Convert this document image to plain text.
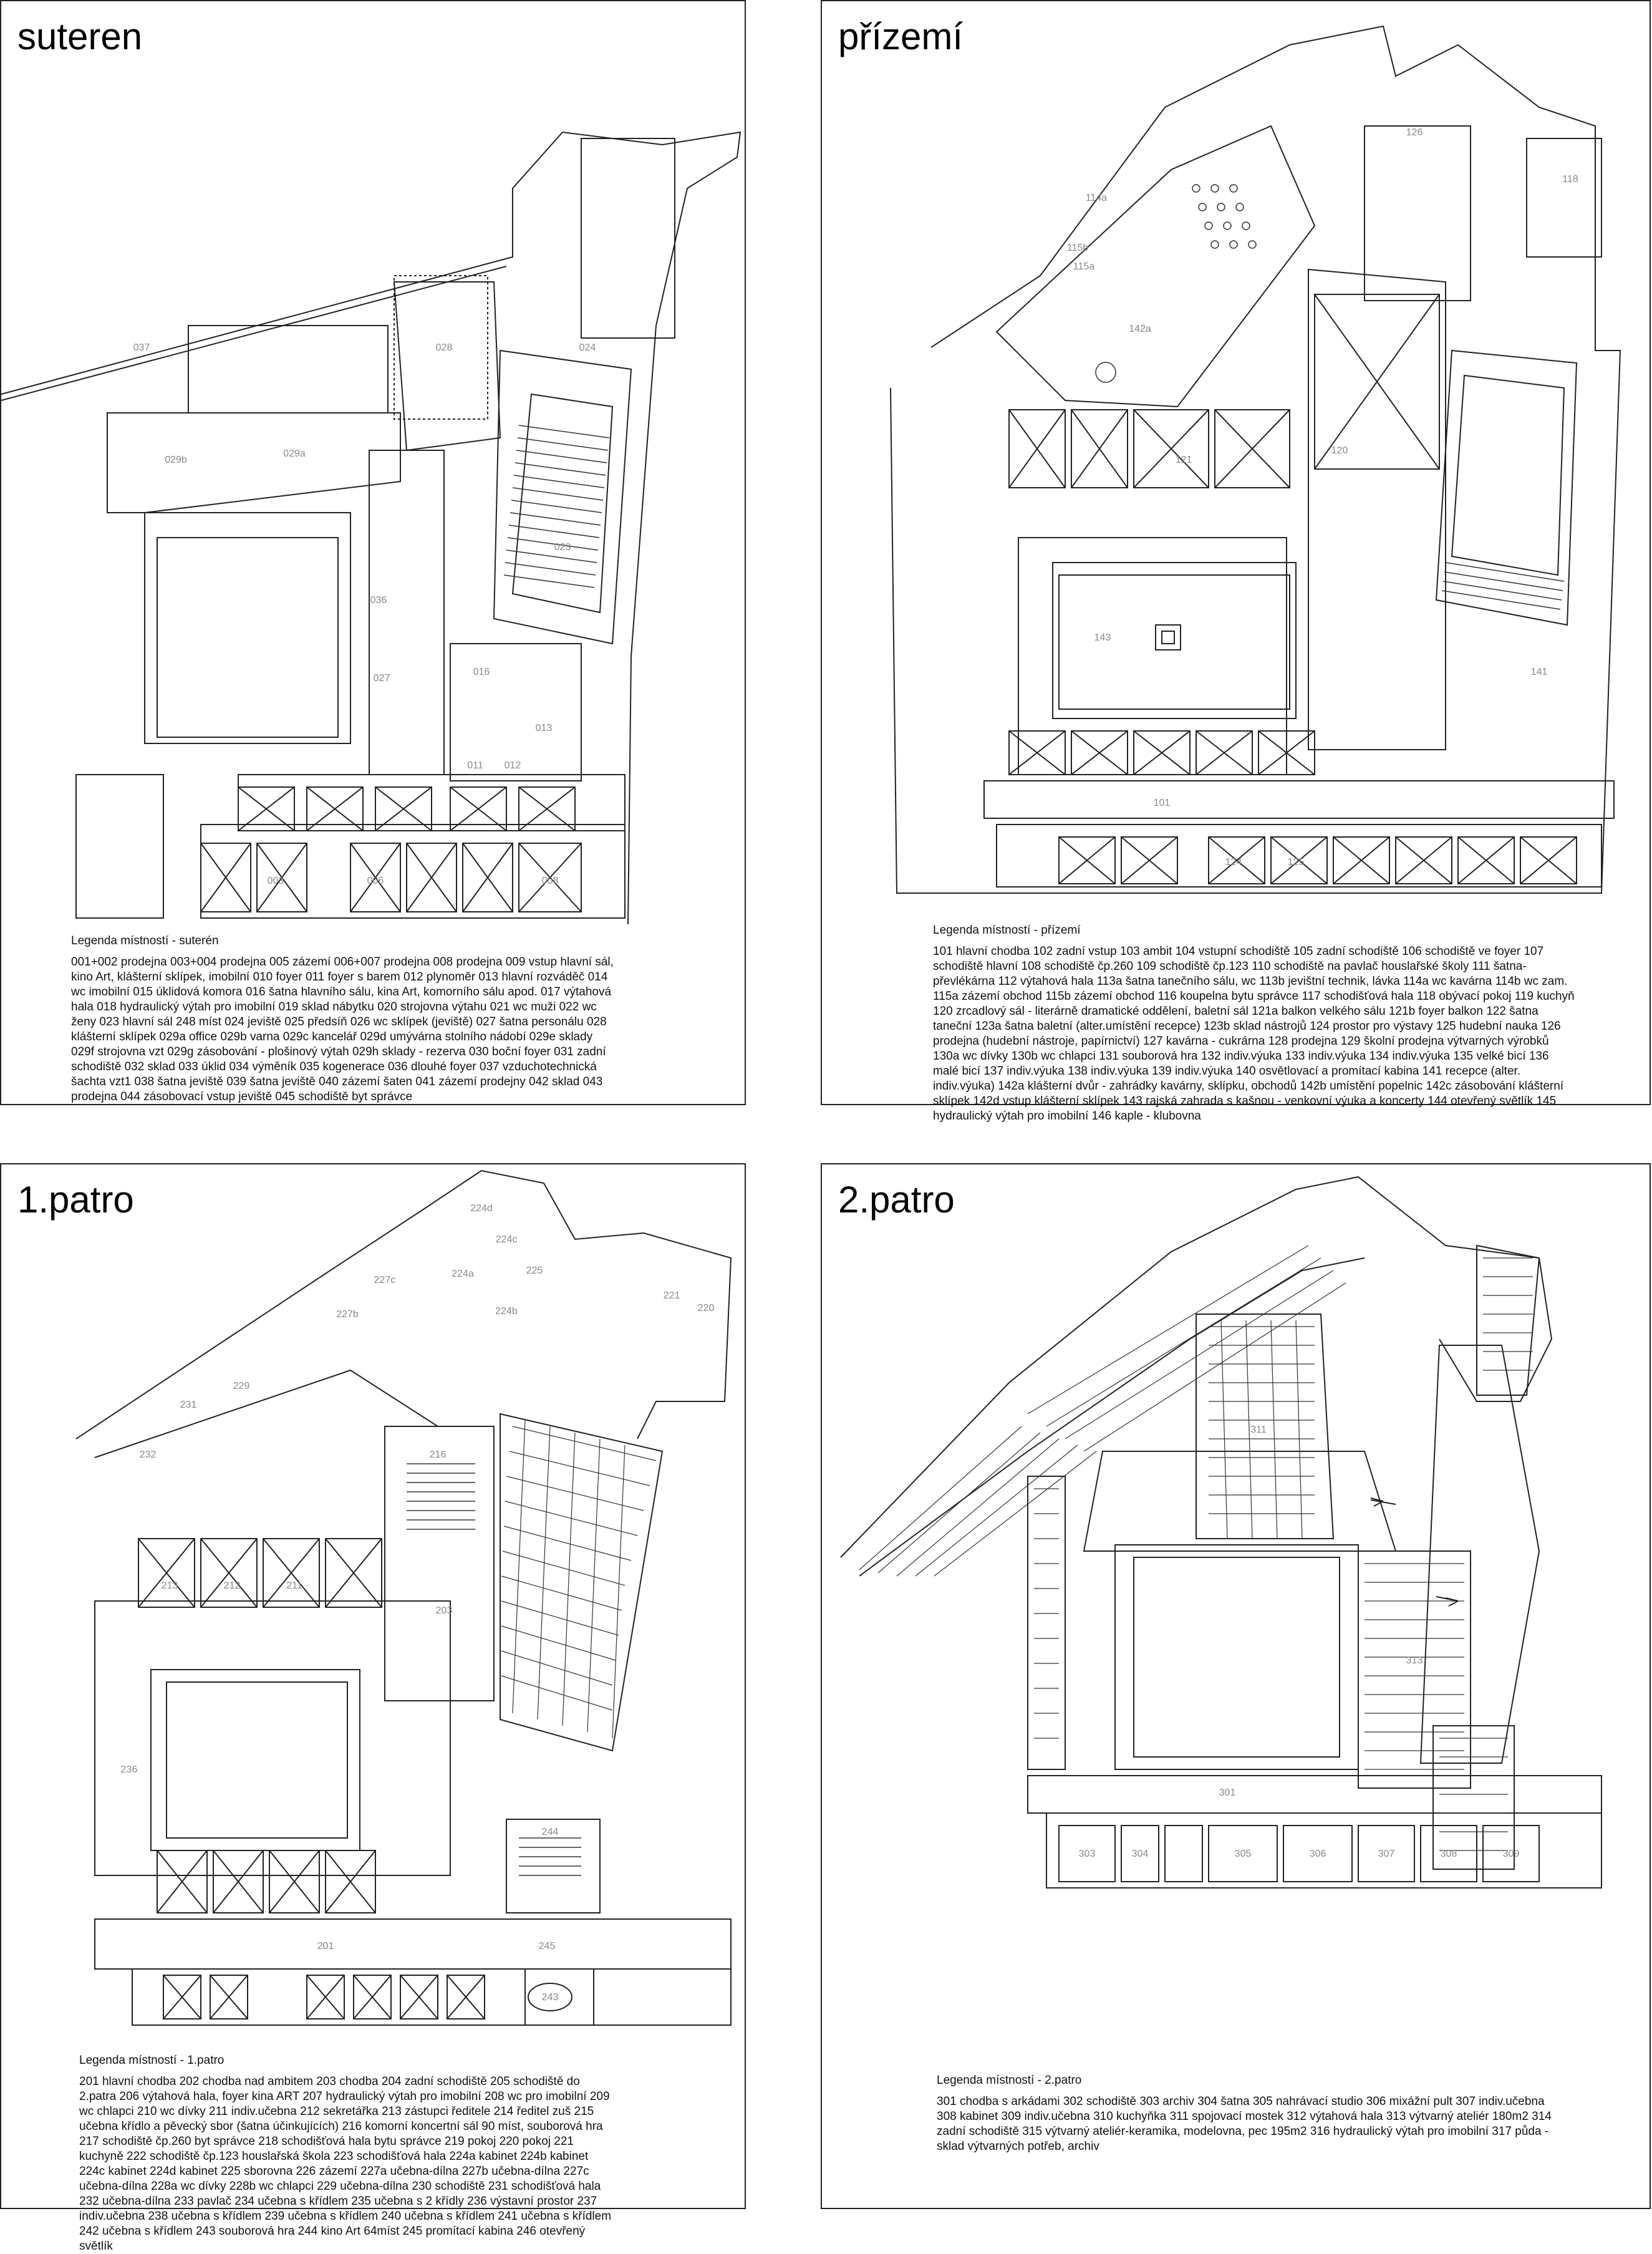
suteren
037
029b
029a
028	024
023
036
027
016
013
012
011
003	006	008
Legenda místností - suterén
001+002 prodejna 003+004 prodejna 005 zázemí 006+007 prodejna 008 prodejna 009 vstup hlavní sál, kino Art, klášterní sklípek, imobilní 010 foyer 011 foyer s barem 012 plynoměr 013 hlavní rozváděč 014 wc imobilní 015 úklidová komora 016 šatna hlavního sálu, kina Art, komorního sálu apod. 017 výtahová hala 018 hydraulický výtah pro imobilní 019 sklad nábytku 020 strojovna výtahu 021 wc muži 022 wc ženy 023 hlavní sál 248 míst 024 jeviště 025 předsíň 026 wc sklípek (jeviště) 027 šatna personálu 028 klášterní sklípek 029a office 029b varna 029c kancelář 029d umývárna stolního nádobí 029e sklady 029f strojovna vzt 029g zásobování - plošinový výtah 029h sklady - rezerva 030 boční foyer 031 zadní schodiště 032 sklad 033 úklid 034 výměník 035 kogenerace 036 dlouhé foyer 037 vzduchotechnická šachta vzt1 038 šatna jeviště 039 šatna jeviště 040 zázemí šaten 041 zázemí prodejny 042 sklad 043 prodejna 044 zásobovací vstup jeviště 045 schodiště byt správce
přízemí
126
118
114a
115b
115a
142a
120
121
143
101
124	125
141
Legenda místností - přízemí
101 hlavní chodba 102 zadní vstup 103 ambit 104 vstupní schodiště 105 zadní schodiště 106 schodiště ve foyer 107 schodiště hlavní 108 schodiště čp.260 109 schodiště čp.123 110 schodiště na pavlač houslařské školy 111 šatna-převlékárna 112 výtahová hala 113a šatna tanečního sálu, wc 113b jevištní technik, lávka 114a wc kavárna 114b wc zam. 115a zázemí obchod 115b zázemí obchod 116 koupelna bytu správce 117 schodišťová hala 118 obývací pokoj 119 kuchyň 120 zrcadlový sál - literárně dramatické oddělení, baletní sál 121a balkon velkého sálu 121b foyer balkon 122 šatna taneční 123a šatna baletní (alter.umístění recepce) 123b sklad nástrojů 124 prostor pro výstavy 125 hudební nauka 126 prodejna (hudební nástroje, papírnictví) 127 kavárna - cukrárna 128 prodejna 129 školní prodejna výtvarných výrobků 130a wc dívky 130b wc chlapci 131 souborová hra 132 indiv.výuka 133 indiv.výuka 134 indiv.výuka 135 velké bicí 136 malé bicí 137 indiv.výuka 138 indiv.výuka 139 indiv.výuka 140 osvětlovací a promítací kabina 141 recepce (alter. indiv.výuka) 142a klášterní dvůr - zahrádky kavárny, sklípku, obchodů 142b umístění popelnic 142c zásobování klášterní sklípek 142d vstup klášterní sklípek 143 rajská zahrada s kašnou - venkovní výuka a koncerty 144 otevřený světlík 145 hydraulický výtah pro imobilní 146 kaple - klubovna
1.patro	224d
224c
224a	225
224b
227c
227b
221
220
229
231
232
213	212	211
236
216
203
244
201	245
243
Legenda místností - 1.patro
201 hlavní chodba 202 chodba nad ambitem 203 chodba 204 zadní schodiště 205 schodiště do 2.patra 206 výtahová hala, foyer kina ART 207 hydraulický výtah pro imobilní 208 wc pro imobilní 209 wc chlapci 210 wc dívky 211 indiv.učebna 212 sekretářka 213 zástupci ředitele 214 ředitel zuš 215 učebna křídlo a pěvecký sbor (šatna účinkujících) 216 komorní koncertní sál 90 míst, souborová hra 217 schodiště čp.260 byt správce 218 schodišťová hala bytu správce 219 pokoj 220 pokoj 221 kuchyně 222 schodiště čp.123 houslařská škola 223 schodišťová hala 224a kabinet 224b kabinet 224c kabinet 224d kabinet 225 sborovna 226 zázemí 227a učebna-dílna 227b učebna-dílna 227c učebna-dílna 228a wc dívky 228b wc chlapci 229 učebna-dílna 230 schodiště 231 schodišťová hala 232 učebna-dílna 233 pavlač 234 učebna s křídlem 235 učebna s 2 křídly 236 výstavní prostor 237 indiv.učebna 238 učebna s křídlem 239 učebna s křídlem 240 učebna s křídlem 241 učebna s křídlem 242 učebna s křídlem 243 souborová hra 244 kino Art 64míst 245 promítací kabina 246 otevřený světlík
2.patro
311
313
301
303	304	305	306	307	308	309
Legenda místností - 2.patro
301 chodba s arkádami 302 schodiště 303 archiv 304 šatna 305 nahrávací studio 306 mixážní pult 307 indiv.učebna 308 kabinet 309 indiv.učebna 310 kuchyňka 311 spojovací mostek 312 výtahová hala 313 výtvarný ateliér 180m2 314 zadní schodiště 315 výtvarný ateliér-keramika, modelovna, pec 195m2 316 hydraulický výtah pro imobilní 317 půda - sklad výtvarných potřeb, archiv
